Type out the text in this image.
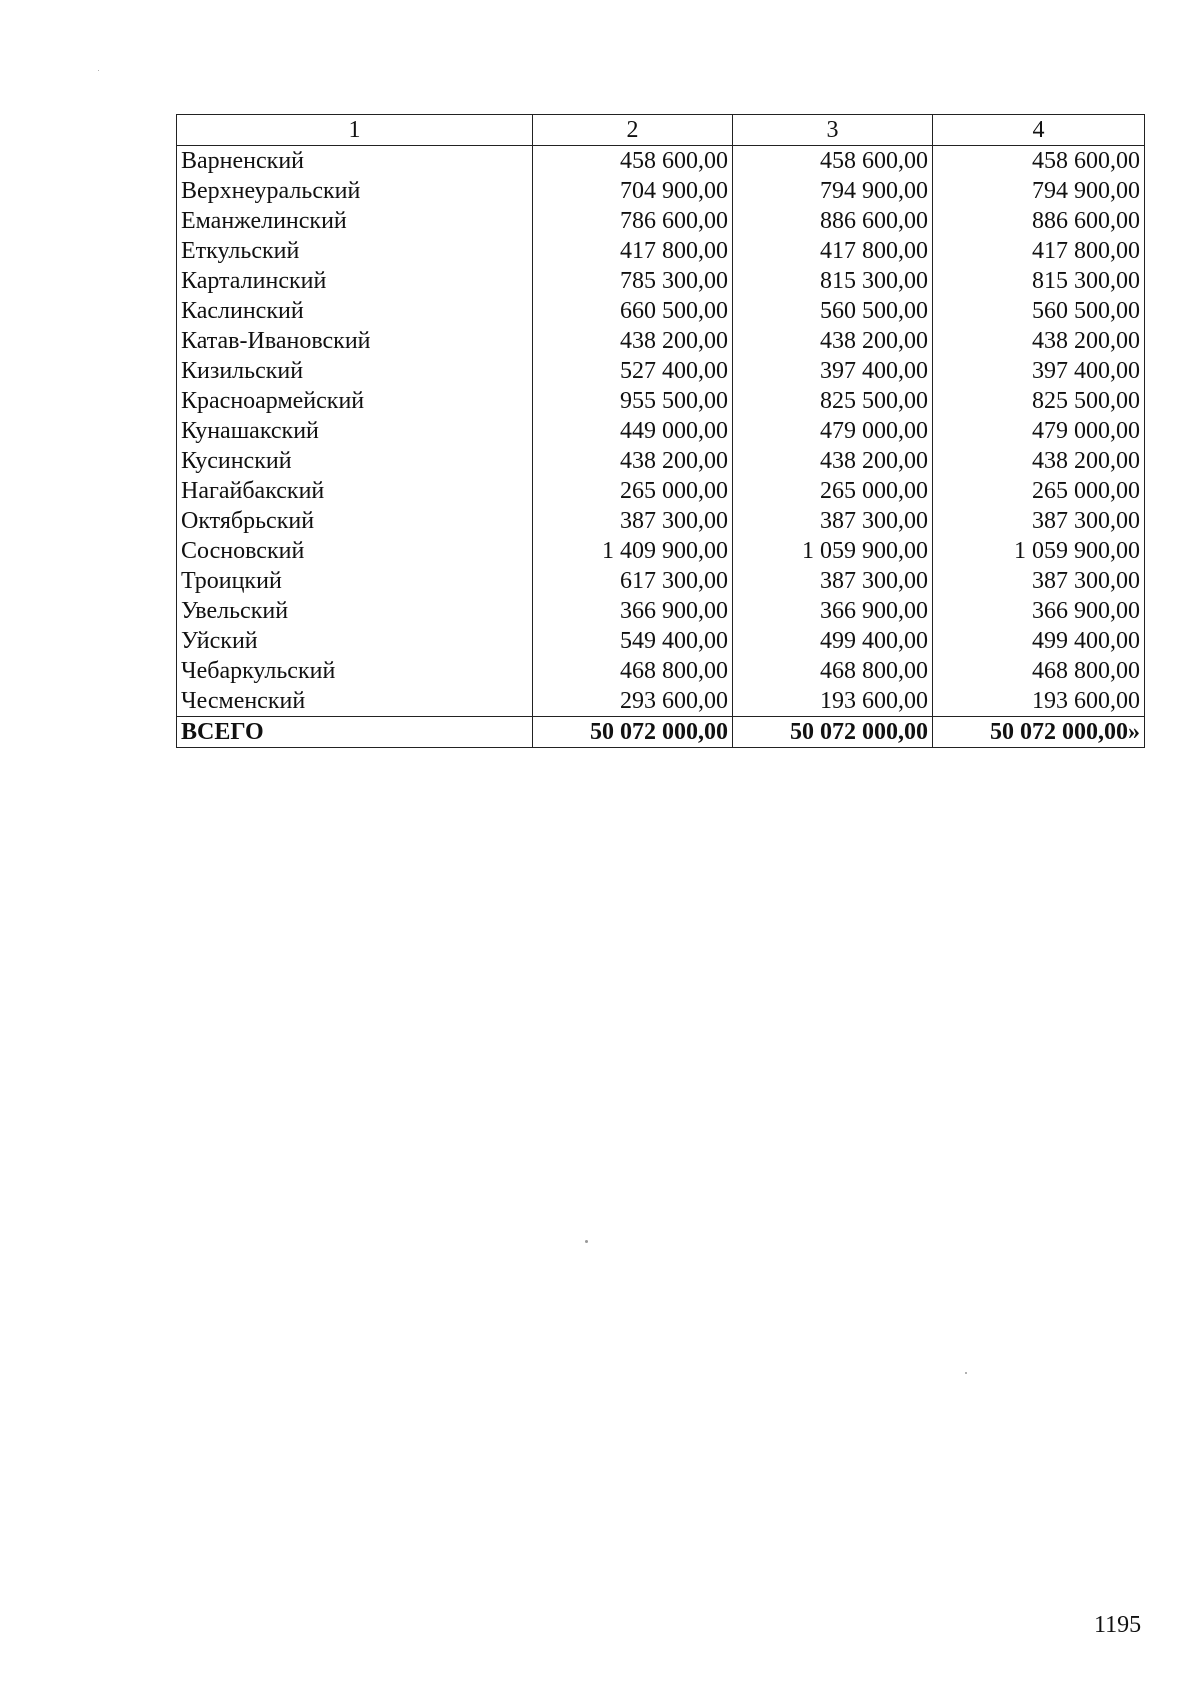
1	2	3	4
Варненский	458 600,00	458 600,00	458 600,00
Верхнеуральский	704 900,00	794 900,00	794 900,00
Еманжелинский	786 600,00	886 600,00	886 600,00
Еткульский	417 800,00	417 800,00	417 800,00
Карталинский	785 300,00	815 300,00	815 300,00
Каслинский	660 500,00	560 500,00	560 500,00
Катав-Ивановский	438 200,00	438 200,00	438 200,00
Кизильский	527 400,00	397 400,00	397 400,00
Красноармейский	955 500,00	825 500,00	825 500,00
Кунашакский	449 000,00	479 000,00	479 000,00
Кусинский	438 200,00	438 200,00	438 200,00
Нагайбакский	265 000,00	265 000,00	265 000,00
Октябрьский	387 300,00	387 300,00	387 300,00
Сосновский	1 409 900,00	1 059 900,00	1 059 900,00
Троицкий	617 300,00	387 300,00	387 300,00
Увельский	366 900,00	366 900,00	366 900,00
Уйский	549 400,00	499 400,00	499 400,00
Чебаркульский	468 800,00	468 800,00	468 800,00
Чесменский	293 600,00	193 600,00	193 600,00
ВСЕГО	50 072 000,00	50 072 000,00	50 072 000,00»
1195
